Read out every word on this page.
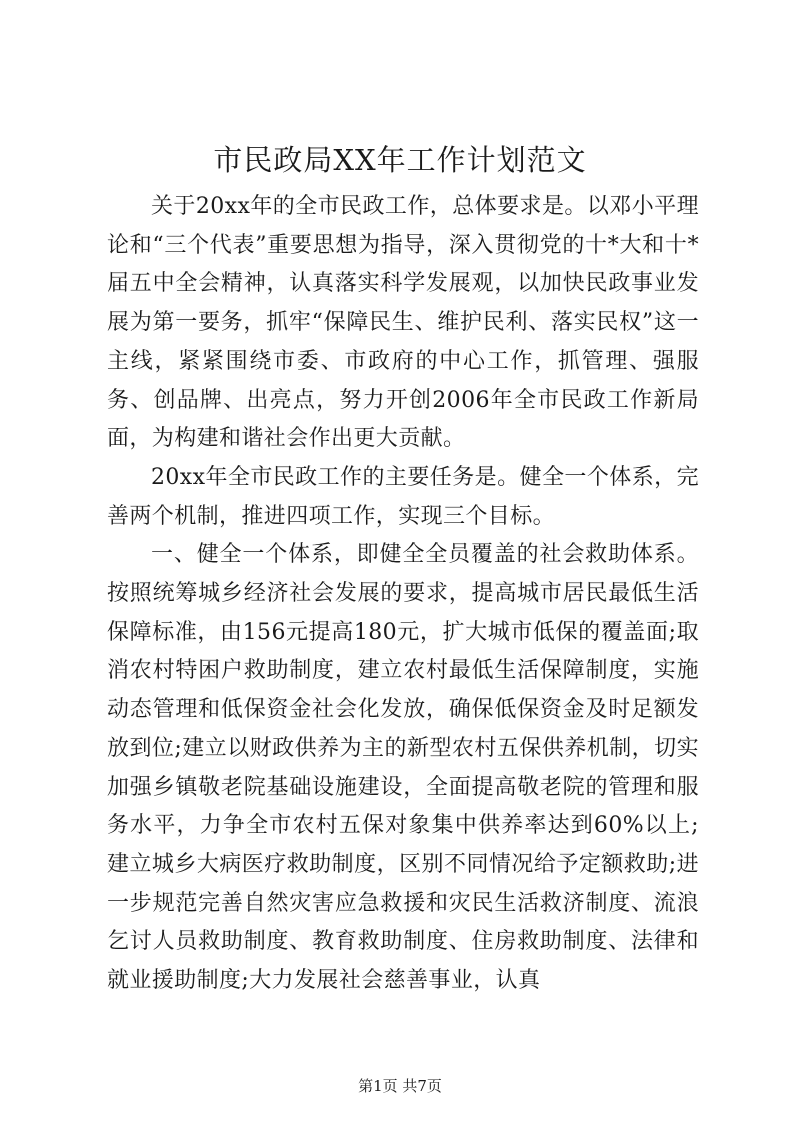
市民政局XX年工作计划范文

关于20xx年的全市民政工作，总体要求是。以邓小平理论和“三个代表”重要思想为指导，深入贯彻党的十*大和十*届五中全会精神，认真落实科学发展观，以加快民政事业发展为第一要务，抓牢“保障民生、维护民利、落实民权”这一主线，紧紧围绕市委、市政府的中心工作，抓管理、强服务、创品牌、出亮点，努力开创2006年全市民政工作新局面，为构建和谐社会作出更大贡献。

20xx年全市民政工作的主要任务是。健全一个体系，完善两个机制，推进四项工作，实现三个目标。

一、健全一个体系，即健全全员覆盖的社会救助体系。按照统筹城乡经济社会发展的要求，提高城市居民最低生活保障标准，由156元提高180元，扩大城市低保的覆盖面;取消农村特困户救助制度，建立农村最低生活保障制度，实施动态管理和低保资金社会化发放，确保低保资金及时足额发放到位;建立以财政供养为主的新型农村五保供养机制，切实加强乡镇敬老院基础设施建设，全面提高敬老院的管理和服务水平，力争全市农村五保对象集中供养率达到60%以上;建立城乡大病医疗救助制度，区别不同情况给予定额救助;进一步规范完善自然灾害应急救援和灾民生活救济制度、流浪乞讨人员救助制度、教育救助制度、住房救助制度、法律和就业援助制度;大力发展社会慈善事业，认真

第1页 共7页
